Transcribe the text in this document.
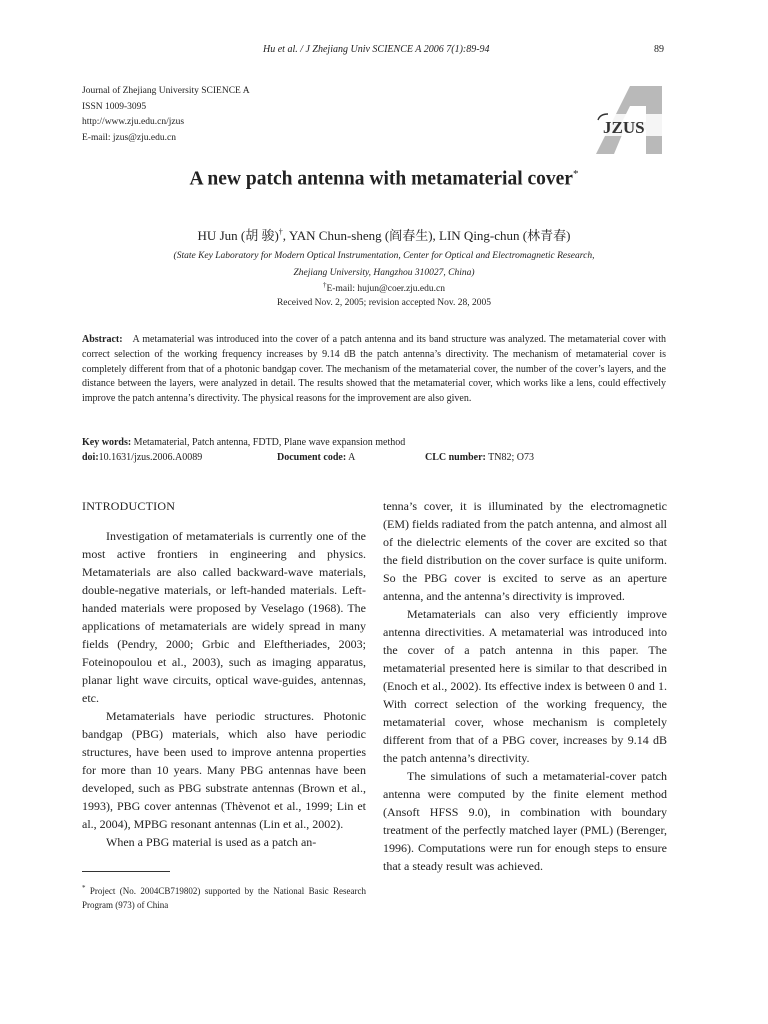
Hu et al. / J Zhejiang Univ SCIENCE A 2006 7(1):89-94	89
Journal of Zhejiang University SCIENCE A
ISSN 1009-3095
http://www.zju.edu.cn/jzus
E-mail: jzus@zju.edu.cn
JZUS
A new patch antenna with metamaterial cover*
HU Jun (胡 骏)†, YAN Chun-sheng (阎春生), LIN Qing-chun (林青春)
(State Key Laboratory for Modern Optical Instrumentation, Center for Optical and Electromagnetic Research,
Zhejiang University, Hangzhou 310027, China)
†E-mail: hujun@coer.zju.edu.cn
Received Nov. 2, 2005; revision accepted Nov. 28, 2005
Abstract: A metamaterial was introduced into the cover of a patch antenna and its band structure was analyzed. The metamaterial cover with correct selection of the working frequency increases by 9.14 dB the patch antenna’s directivity. The mechanism of metamaterial cover is completely different from that of a photonic bandgap cover. The mechanism of the metamaterial cover, the number of the cover’s layers, and the distance between the layers, were analyzed in detail. The results showed that the metamaterial cover, which works like a lens, could effectively improve the patch antenna’s directivity. The physical reasons for the improvement are also given.
Key words: Metamaterial, Patch antenna, FDTD, Plane wave expansion method
doi:10.1631/jzus.2006.A0089	Document code: A	CLC number: TN82; O73
INTRODUCTION

Investigation of metamaterials is currently one of the most active frontiers in engineering and physics. Metamaterials are also called backward-wave materials, double-negative materials, or left-handed materials. Left-handed materials were proposed by Veselago (1968). The applications of metamaterials are widely spread in many fields (Pendry, 2000; Grbic and Eleftheriades, 2003; Foteinopoulou et al., 2003), such as imaging apparatus, planar light wave circuits, optical wave-guides, antennas, etc.

Metamaterials have periodic structures. Photonic bandgap (PBG) materials, which also have periodic structures, have been used to improve antenna properties for more than 10 years. Many PBG antennas have been developed, such as PBG substrate antennas (Brown et al., 1993), PBG cover antennas (Thèvenot et al., 1999; Lin et al., 2004), MPBG resonant antennas (Lin et al., 2002).

When a PBG material is used as a patch an-

tenna’s cover, it is illuminated by the electromagnetic (EM) fields radiated from the patch antenna, and almost all of the dielectric elements of the cover are excited so that the field distribution on the cover surface is quite uniform. So the PBG cover is excited to serve as an aperture antenna, and the antenna’s directivity is improved.

Metamaterials can also very efficiently improve antenna directivities. A metamaterial was introduced into the cover of a patch antenna in this paper. The metamaterial presented here is similar to that described in (Enoch et al., 2002). Its effective index is between 0 and 1. With correct selection of the working frequency, the metamaterial cover, whose mechanism is completely different from that of a PBG cover, increases by 9.14 dB the patch antenna’s directivity.

The simulations of such a metamaterial-cover patch antenna were computed by the finite element method (Ansoft HFSS 9.0), in combination with boundary treatment of the perfectly matched layer (PML) (Berenger, 1996). Computations were run for enough steps to ensure that a steady result was achieved.

* Project (No. 2004CB719802) supported by the National Basic Research Program (973) of China
